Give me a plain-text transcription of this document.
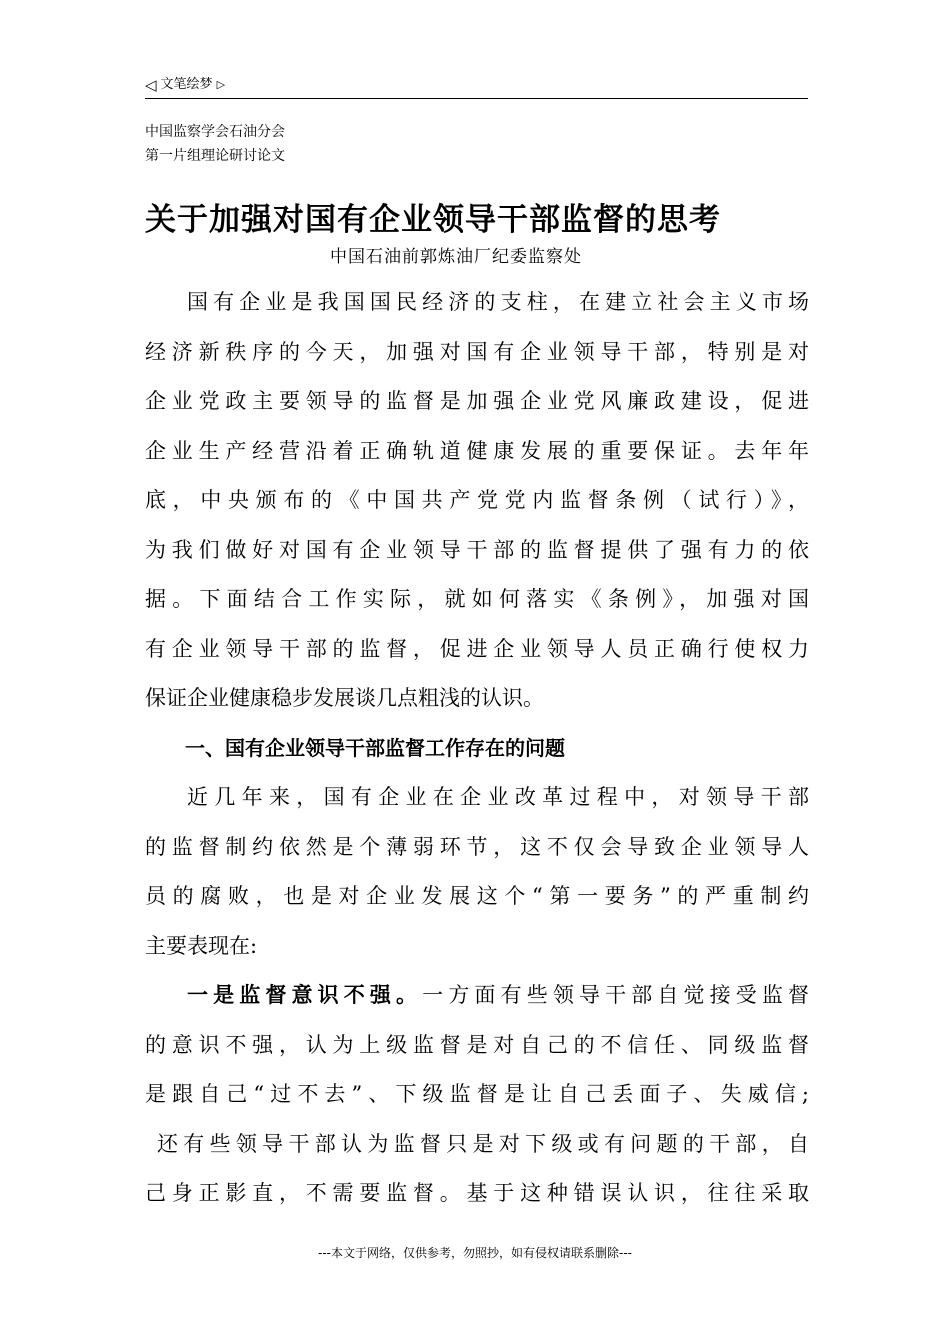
◁ 文笔绘梦 ▷
中国监察学会石油分会
第一片组理论研讨论文
关于加强对国有企业领导干部监督的思考
中国石油前郭炼油厂纪委监察处
国有企业是我国国民经济的支柱，在建立社会主义市场
经济新秩序的今天，加强对国有企业领导干部，特别是对
企业党政主要领导的监督是加强企业党风廉政建设，促进
企业生产经营沿着正确轨道健康发展的重要保证。去年年
底，中央颁布的《中国共产党党内监督条例（试行）》，
为我们做好对国有企业领导干部的监督提供了强有力的依
据。下面结合工作实际，就如何落实《条例》，加强对国
有企业领导干部的监督，促进企业领导人员正确行使权力
保证企业健康稳步发展谈几点粗浅的认识。
一、国有企业领导干部监督工作存在的问题
近几年来，国有企业在企业改革过程中，对领导干部
的监督制约依然是个薄弱环节，这不仅会导致企业领导人
员的腐败，也是对企业发展这个“第一要务”的严重制约
主要表现在:
一是监督意识不强。一方面有些领导干部自觉接受监督
的意识不强，认为上级监督是对自己的不信任、同级监督
是跟自己“过不去”、下级监督是让自己丢面子、失威信;
还有些领导干部认为监督只是对下级或有问题的干部，自
己身正影直，不需要监督。基于这种错误认识，往往采取
---本文于网络，仅供参考，勿照抄，如有侵权请联系删除---
